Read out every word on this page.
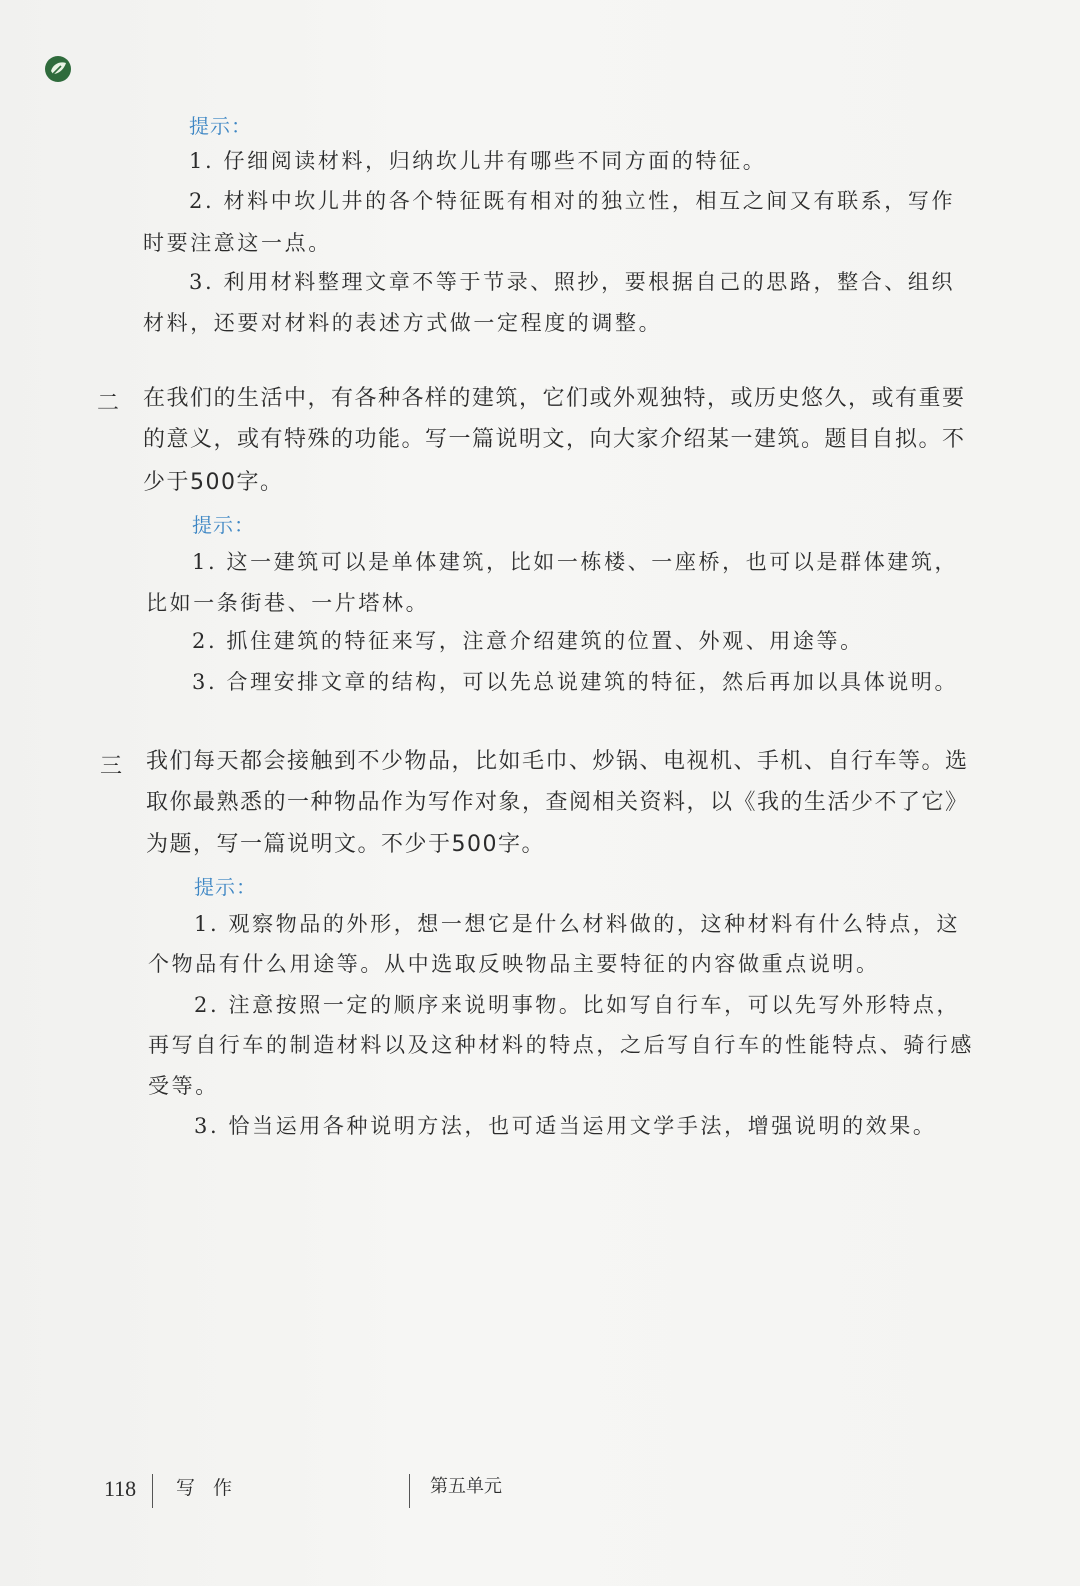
提示：
1. 仔细阅读材料，归纳坎儿井有哪些不同方面的特征。
2. 材料中坎儿井的各个特征既有相对的独立性，相互之间又有联系，写作
时要注意这一点。
3. 利用材料整理文章不等于节录、照抄，要根据自己的思路，整合、组织
材料，还要对材料的表述方式做一定程度的调整。
二 在我们的生活中，有各种各样的建筑，它们或外观独特，或历史悠久，或有重要
的意义，或有特殊的功能。写一篇说明文，向大家介绍某一建筑。题目自拟。不
少于500字。
提示：
1. 这一建筑可以是单体建筑，比如一栋楼、一座桥，也可以是群体建筑，
比如一条街巷、一片塔林。
2. 抓住建筑的特征来写，注意介绍建筑的位置、外观、用途等。
3. 合理安排文章的结构，可以先总说建筑的特征，然后再加以具体说明。
三 我们每天都会接触到不少物品，比如毛巾、炒锅、电视机、手机、自行车等。选
取你最熟悉的一种物品作为写作对象，查阅相关资料，以《我的生活少不了它》
为题，写一篇说明文。不少于500字。
提示：
1. 观察物品的外形，想一想它是什么材料做的，这种材料有什么特点，这
个物品有什么用途等。从中选取反映物品主要特征的内容做重点说明。
2. 注意按照一定的顺序来说明事物。比如写自行车，可以先写外形特点，
再写自行车的制造材料以及这种材料的特点，之后写自行车的性能特点、骑行感
受等。
3. 恰当运用各种说明方法，也可适当运用文学手法，增强说明的效果。
118 写 作	第五单元
